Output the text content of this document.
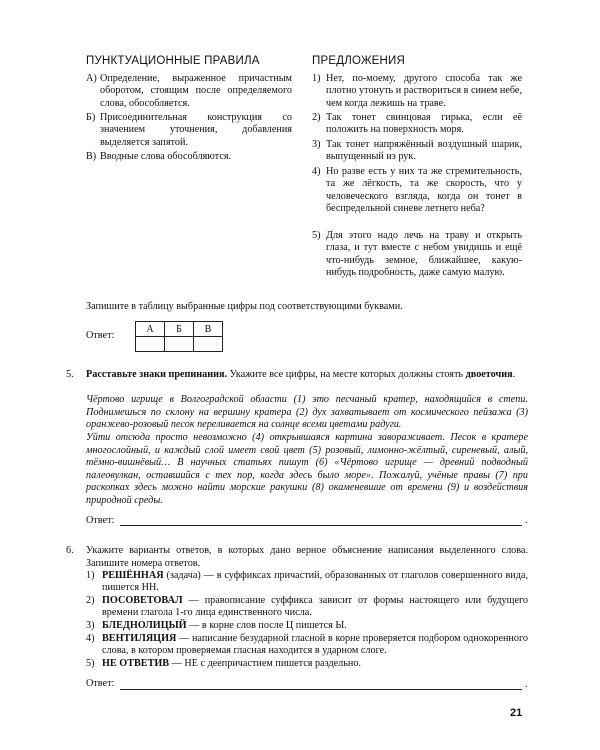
ПУНКТУАЦИОННЫЕ ПРАВИЛА
А) Определение, выраженное причастным оборотом, стоящим после определяемого слова, обособляется.
Б) Присоединительная конструкция со значением уточнения, добавления выделяется запятой.
В) Вводные слова обособляются.
ПРЕДЛОЖЕНИЯ
1) Нет, по-моему, другого способа так же плотно утонуть и раствориться в синем небе, чем когда лежишь на траве.
2) Так тонет свинцовая гирька, если её положить на поверхность моря.
3) Так тонет напряжённый воздушный шарик, выпущенный из рук.
4) Но разве есть у них та же стремительность, та же лёгкость, та же скорость, что у человеческого взгляда, когда он тонет в беспредельной синеве летнего неба?
5) Для этого надо лечь на траву и открыть глаза, и тут вместе с небом увидишь и ещё что-нибудь земное, ближайшее, какую-нибудь подробность, даже самую малую.
Запишите в таблицу выбранные цифры под соответствующими буквами.
Ответ:
А	Б	В

5. Расставьте знаки препинания. Укажите все цифры, на месте которых должны стоять двоеточия.
Чёртово игрище в Волгоградской области (1) это песчаный кратер, находящийся в степи. Поднимешься по склону на вершину кратера (2) дух захватывает от космического пейзажа (3) оранжево-розовый песок переливается на солнце всеми цветами радуги.
Уйти отсюда просто невозможно (4) открывшаяся картина завораживает. Песок в кратере многослойный, и каждый слой имеет свой цвет (5) розовый, лимонно-жёлтый, сиреневый, алый, тёмно-вишнёвый… В научных статьях пишут (6) «Чёртово игрище — древний подводный палеовулкан, оставшийся с тех пор, когда здесь было море». Пожалуй, учёные правы (7) при раскопках здесь можно найти морские ракушки (8) окаменевшие от времени (9) и воздействия природной среды.
Ответ:	.
6. Укажите варианты ответов, в которых дано верное объяснение написания выделенного слова. Запишите номера ответов.
1) РЕШЁННАЯ (задача) — в суффиксах причастий, образованных от глаголов совершенного вида, пишется НН.
2) ПОСОВЕТОВАЛ — правописание суффикса зависит от формы настоящего или будущего времени глагола 1-го лица единственного числа.
3) БЛЕДНОЛИЦЫЙ — в корне слов после Ц пишется Ы.
4) ВЕНТИЛЯЦИЯ — написание безударной гласной в корне проверяется подбором однокоренного слова, в котором проверяемая гласная находится в ударном слоге.
5) НЕ ОТВЕТИВ — НЕ с деепричастием пишется раздельно.
Ответ:	.
21
